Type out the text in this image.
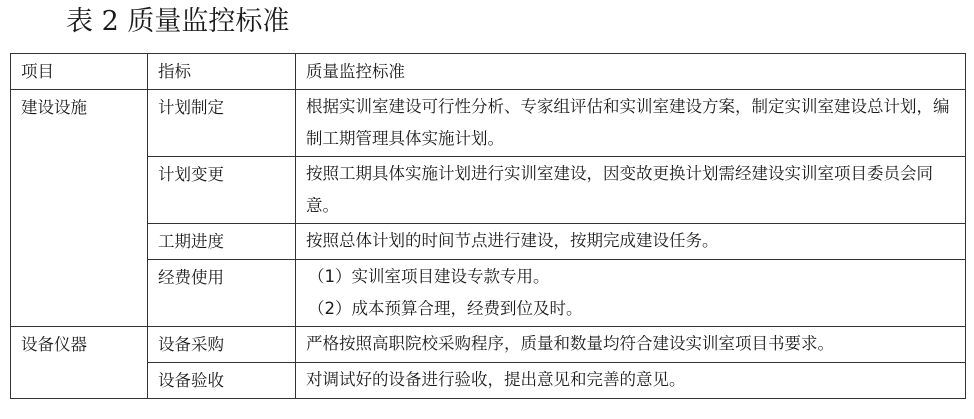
表 2 质量监控标准
项目	指标	质量监控标准

建设设施	计划制定	根据实训室建设可行性分析、专家组评估和实训室建设方案，制定实训室建设总计划，编制工期管理具体实施计划。

	计划变更	按照工期具体实施计划进行实训室建设，因变故更换计划需经建设实训室项目委员会同意。

	工期进度	按照总体计划的时间节点进行建设，按期完成建设任务。

	经费使用	（1）实训室项目建设专款专用。
（2）成本预算合理，经费到位及时。

设备仪器	设备采购	严格按照高职院校采购程序，质量和数量均符合建设实训室项目书要求。

	设备验收	对调试好的设备进行验收，提出意见和完善的意见。
